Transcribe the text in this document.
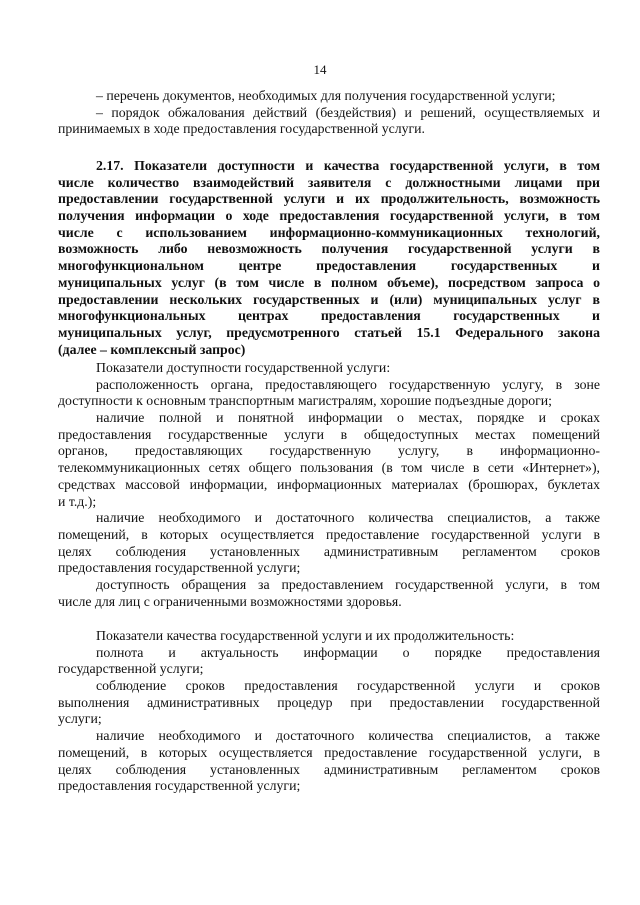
14
– перечень документов, необходимых для получения государственной услуги;
– порядок обжалования действий (бездействия) и решений, осуществляемых и
принимаемых в ходе предоставления государственной услуги.
2.17. Показатели доступности и качества государственной услуги, в том
числе количество взаимодействий заявителя с должностными лицами при
предоставлении государственной услуги и их продолжительность, возможность
получения информации о ходе предоставления государственной услуги, в том
числе с использованием информационно-коммуникационных технологий,
возможность либо невозможность получения государственной услуги в
многофункциональном центре предоставления государственных и
муниципальных услуг (в том числе в полном объеме), посредством запроса о
предоставлении нескольких государственных и (или) муниципальных услуг в
многофункциональных центрах предоставления государственных и
муниципальных услуг, предусмотренного статьей 15.1 Федерального закона
(далее – комплексный запрос)
Показатели доступности государственной услуги:
расположенность органа, предоставляющего государственную услугу, в зоне
доступности к основным транспортным магистралям, хорошие подъездные дороги;
наличие полной и понятной информации о местах, порядке и сроках
предоставления государственные услуги в общедоступных местах помещений
органов, предоставляющих государственную услугу, в информационно-
телекоммуникационных сетях общего пользования (в том числе в сети «Интернет»),
средствах массовой информации, информационных материалах (брошюрах, буклетах
и т.д.);
наличие необходимого и достаточного количества специалистов, а также
помещений, в которых осуществляется предоставление государственной услуги в
целях соблюдения установленных административным регламентом сроков
предоставления государственной услуги;
доступность обращения за предоставлением государственной услуги, в том
числе для лиц с ограниченными возможностями здоровья.
Показатели качества государственной услуги и их продолжительность:
полнота и актуальность информации о порядке предоставления
государственной услуги;
соблюдение сроков предоставления государственной услуги и сроков
выполнения административных процедур при предоставлении государственной
услуги;
наличие необходимого и достаточного количества специалистов, а также
помещений, в которых осуществляется предоставление государственной услуги, в
целях соблюдения установленных административным регламентом сроков
предоставления государственной услуги;
